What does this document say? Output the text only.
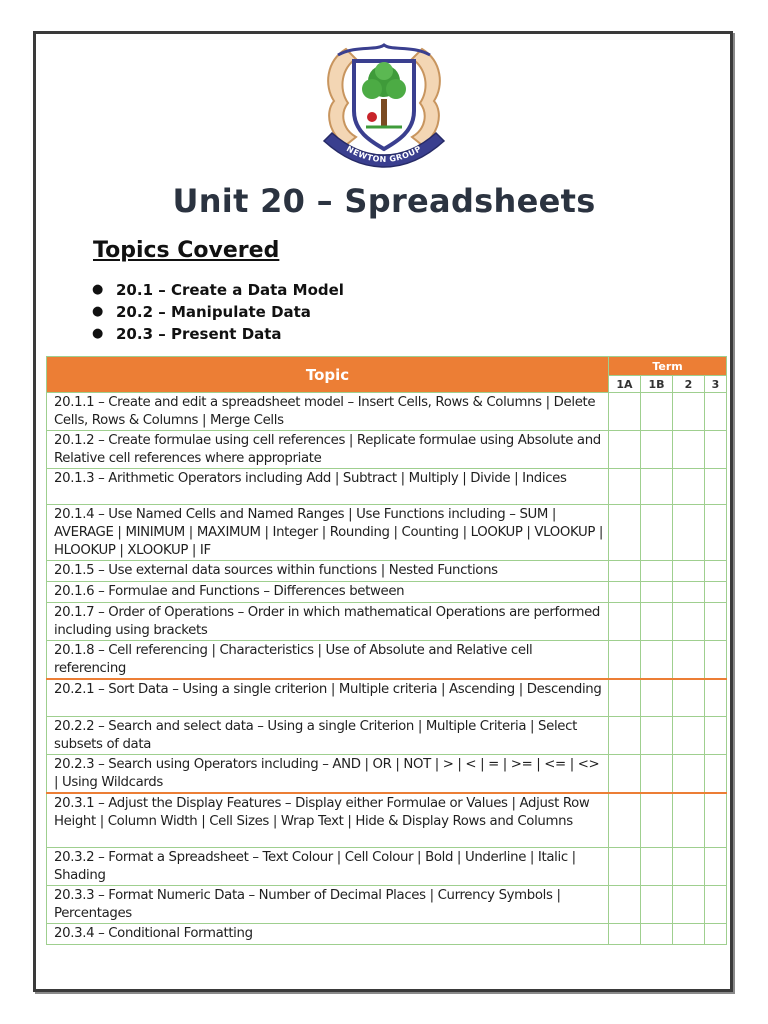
NEWTON GROUP
Unit 20 – Spreadsheets
Topics Covered
● 20.1 – Create a Data Model
● 20.2 – Manipulate Data
● 20.3 – Present Data
Topic	Term			
	1A	1B	2	3
20.1.1 – Create and edit a spreadsheet model – Insert Cells, Rows & Columns | Delete Cells, Rows & Columns | Merge Cells				
20.1.2 – Create formulae using cell references | Replicate formulae using Absolute and Relative cell references where appropriate				
20.1.3 – Arithmetic Operators including Add | Subtract | Multiply | Divide | Indices				
20.1.4 – Use Named Cells and Named Ranges | Use Functions including – SUM | AVERAGE | MINIMUM | MAXIMUM | Integer | Rounding | Counting | LOOKUP | VLOOKUP | HLOOKUP | XLOOKUP | IF				
20.1.5 – Use external data sources within functions | Nested Functions				
20.1.6 – Formulae and Functions – Differences between				
20.1.7 – Order of Operations – Order in which mathematical Operations are performed including using brackets				
20.1.8 – Cell referencing | Characteristics | Use of Absolute and Relative cell referencing				
20.2.1 – Sort Data – Using a single criterion | Multiple criteria | Ascending | Descending				
20.2.2 – Search and select data – Using a single Criterion | Multiple Criteria | Select subsets of data				
20.2.3 – Search using Operators including – AND | OR | NOT | > | < | = | >= | <= | <> | Using Wildcards				
20.3.1 – Adjust the Display Features – Display either Formulae or Values | Adjust Row Height | Column Width | Cell Sizes | Wrap Text | Hide & Display Rows and Columns				
20.3.2 – Format a Spreadsheet – Text Colour | Cell Colour | Bold | Underline | Italic | Shading				
20.3.3 – Format Numeric Data – Number of Decimal Places | Currency Symbols | Percentages				
20.3.4 – Conditional Formatting				
